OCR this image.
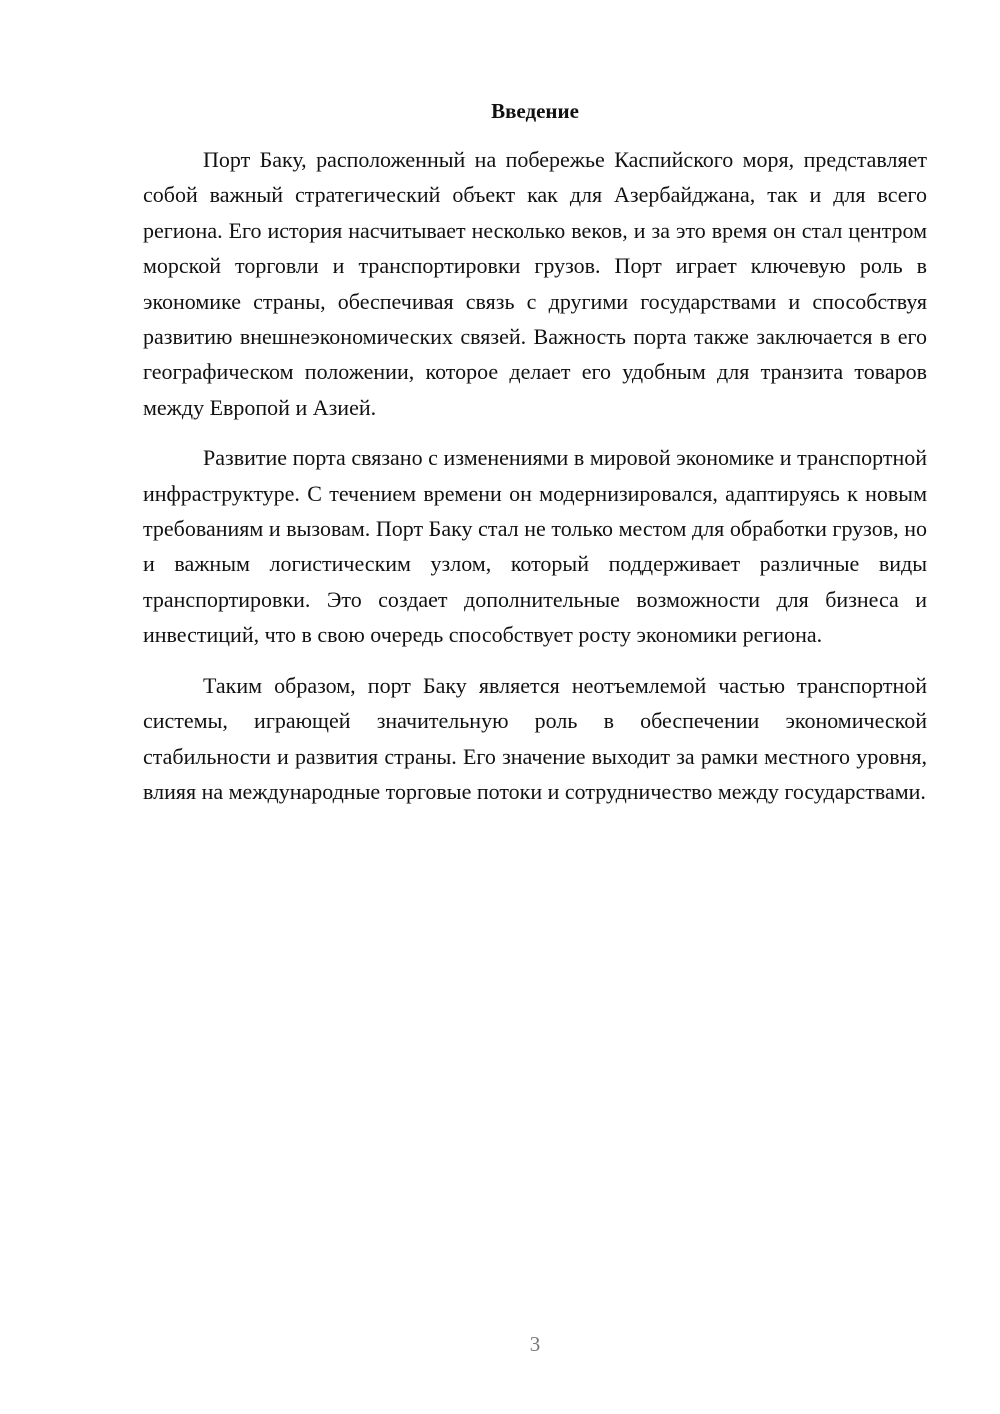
Введение

Порт Баку, расположенный на побережье Каспийского моря, представляет собой важный стратегический объект как для Азербайджана, так и для всего региона. Его история насчитывает несколько веков, и за это время он стал центром морской торговли и транспортировки грузов. Порт играет ключевую роль в экономике страны, обеспечивая связь с другими государствами и способствуя развитию внешнеэкономических связей. Важность порта также заключается в его географическом положении, которое делает его удобным для транзита товаров между Европой и Азией.

Развитие порта связано с изменениями в мировой экономике и транспортной инфраструктуре. С течением времени он модернизировался, адаптируясь к новым требованиям и вызовам. Порт Баку стал не только местом для обработки грузов, но и важным логистическим узлом, который поддерживает различные виды транспортировки. Это создает дополнительные возможности для бизнеса и инвестиций, что в свою очередь способствует росту экономики региона.

Таким образом, порт Баку является неотъемлемой частью транспортной системы, играющей значительную роль в обеспечении экономической стабильности и развития страны. Его значение выходит за рамки местного уровня, влияя на международные торговые потоки и сотрудничество между государствами.

3
